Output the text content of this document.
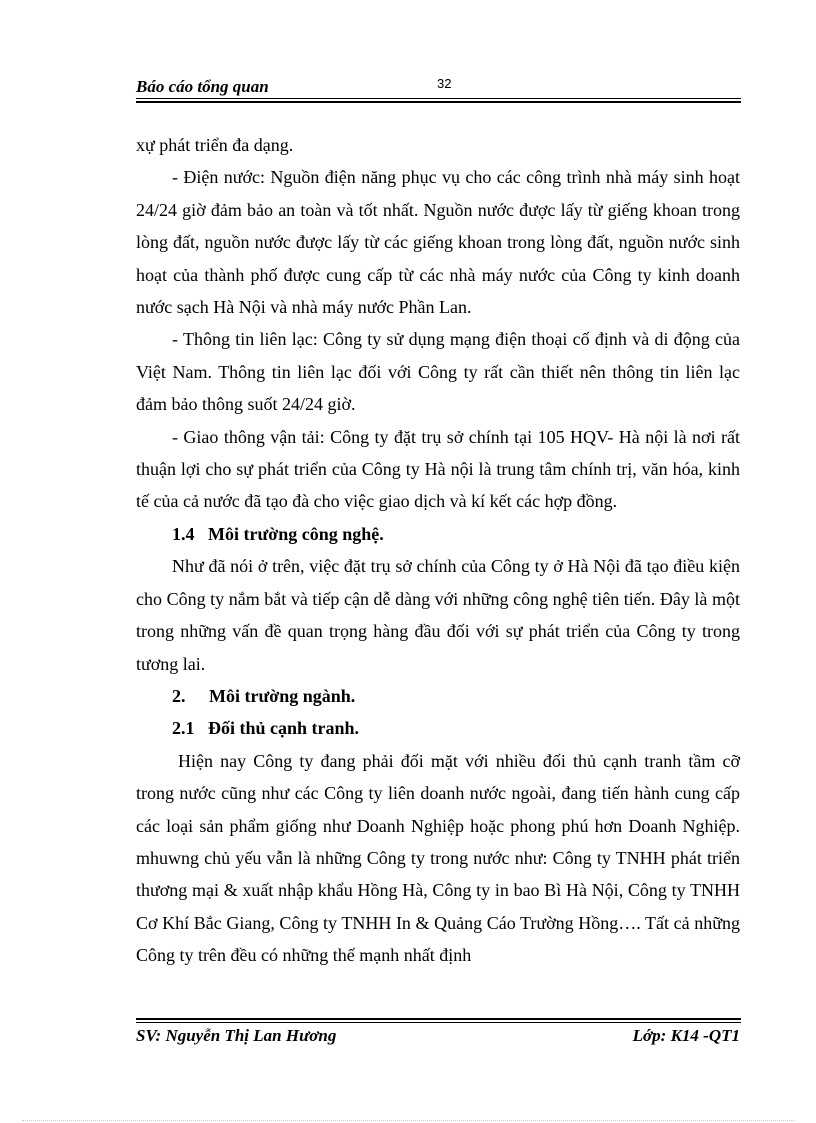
Báo cáo tổng quan	32

xự phát triển đa dạng.

- Điện nước: Nguồn điện năng phục vụ cho các công trình nhà máy sinh hoạt 24/24 giờ đảm bảo an toàn và tốt nhất. Nguồn nước được lấy từ giếng khoan trong lòng đất, nguồn nước được lấy từ các giếng khoan trong lòng đất, nguồn nước sinh hoạt của thành phố được cung cấp từ các nhà máy nước của Công ty kinh doanh nước sạch Hà Nội và nhà máy nước Phần Lan.

- Thông tin liên lạc: Công ty sử dụng mạng điện thoại cố định và di động của Việt Nam. Thông tin liên lạc đối với Công ty rất cần thiết nên thông tin liên lạc đảm bảo thông suốt 24/24 giờ.

- Giao thông vận tải: Công ty đặt trụ sở chính tại 105 HQV- Hà nội là nơi rất thuận lợi cho sự phát triển của Công ty Hà nội là trung tâm chính trị, văn hóa, kinh tế của cả nước đã tạo đà cho việc giao dịch và kí kết các hợp đồng.

1.4 Môi trường công nghệ.

Như đã nói ở trên, việc đặt trụ sở chính của Công ty ở Hà Nội đã tạo điều kiện cho Công ty nắm bắt và tiếp cận dễ dàng với những công nghệ tiên tiến. Đây là một trong những vấn đề quan trọng hàng đầu đối với sự phát triển của Công ty trong tương lai.

2. Môi trường ngành.

2.1 Đối thủ cạnh tranh.

Hiện nay Công ty đang phải đối mặt với nhiều đối thủ cạnh tranh tầm cỡ trong nước cũng như các Công ty liên doanh nước ngoài, đang tiến hành cung cấp các loại sản phẩm giống như Doanh Nghiệp hoặc phong phú hơn Doanh Nghiệp. mhuwng chủ yếu vẫn là những Công ty trong nước như: Công ty TNHH phát triển thương mại & xuất nhập khẩu Hồng Hà, Công ty in bao Bì Hà Nội, Công ty TNHH Cơ Khí Bắc Giang, Công ty TNHH In & Quảng Cáo Trường Hồng…. Tất cả những Công ty trên đều có những thế mạnh nhất định

SV: Nguyễn Thị Lan Hương	Lớp: K14 -QT1
